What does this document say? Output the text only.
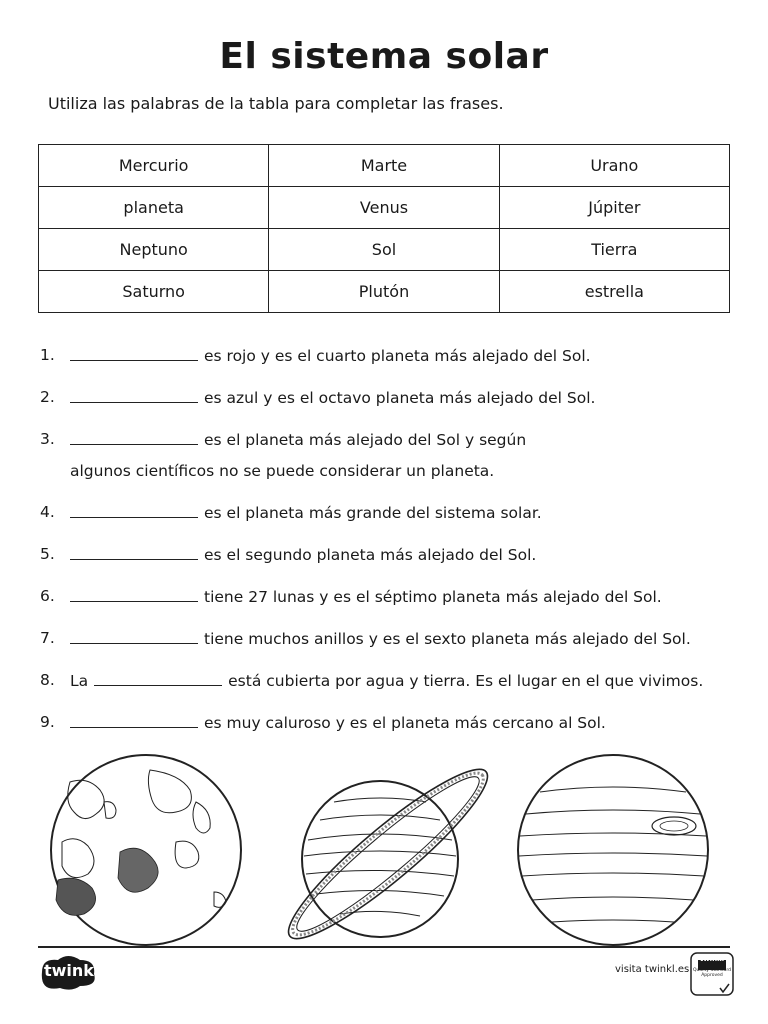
El sistema solar
Utiliza las palabras de la tabla para completar las frases.
Mercurio	Marte	Urano
planeta	Venus	Júpiter
Neptuno	Sol	Tierra
Saturno	Plutón	estrella
1.	es rojo y es el cuarto planeta más alejado del Sol.
2.	es azul y es el octavo planeta más alejado del Sol.
3.	es el planeta más alejado del Sol y según
algunos científicos no se puede considerar un planeta.
4.	es el planeta más grande del sistema solar.
5.	es el segundo planeta más alejado del Sol.
6.	tiene 27 lunas y es el séptimo planeta más alejado del Sol.
7.	tiene muchos anillos y es el sexto planeta más alejado del Sol.
8. La	está cubierta por agua y tierra. Es el lugar en el que vivimos.
9.	es muy caluroso y es el planeta más cercano al Sol.
twinkl	visita twinkl.es
twinkl
Quality Standard Approved
